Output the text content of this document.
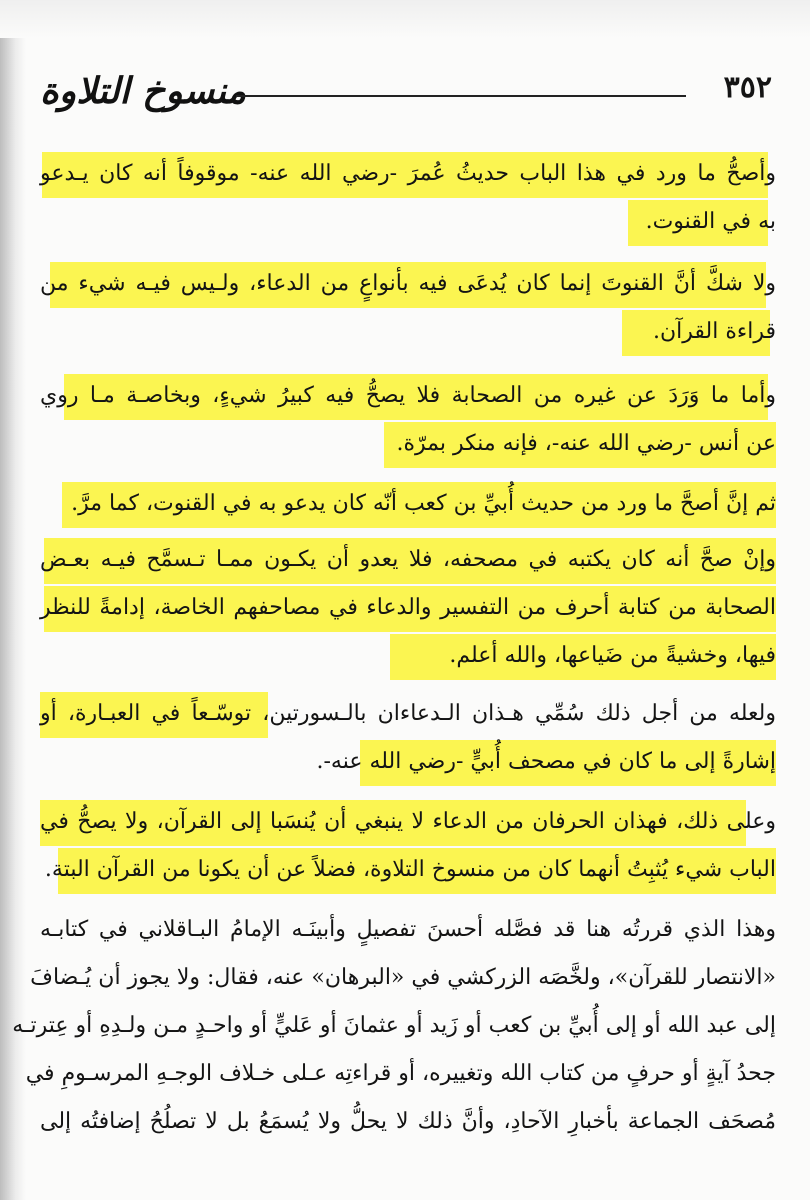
منسوخ التلاوة	٣٥٢
وأصحُّ ما ورد في هذا الباب حديثُ عُمرَ -رضي الله عنه- موقوفاً أنه كان يـدعو
به في القنوت.
ولا شكَّ أنَّ القنوتَ إنما كان يُدعَى فيه بأنواعٍ من الدعاء، ولـيس فيـه شيء من
قراءة القرآن.
وأما ما وَرَدَ عن غيره من الصحابة فلا يصحُّ فيه كبيرُ شيءٍ، وبخاصـة مـا روي
عن أنس -رضي الله عنه-، فإنه منكر بمرّة.
ثم إنَّ أصحَّ ما ورد من حديث أُبيِّ بن كعب أنّه كان يدعو به في القنوت، كما مرَّ.
وإنْ صحَّ أنه كان يكتبه في مصحفه، فلا يعدو أن يكـون ممـا تـسمَّح فيـه بعـض
الصحابة من كتابة أحرف من التفسير والدعاء في مصاحفهم الخاصة، إدامةً للنظر
فيها، وخشيةً من ضَياعها، والله أعلم.
ولعله من أجل ذلك سُمِّي هـذان الـدعاءان بالـسورتين، توسّـعاً في العبـارة، أو
إشارةً إلى ما كان في مصحف أُبيٍّ -رضي الله عنه-.
وعلى ذلك، فهذان الحرفان من الدعاء لا ينبغي أن يُنسَبا إلى القرآن، ولا يصحُّ في
الباب شيء يُثبِتُ أنهما كان من منسوخ التلاوة، فضلاً عن أن يكونا من القرآن البتة.
وهذا الذي قررتُه هنا قد فصَّله أحسنَ تفصيلٍ وأبينَـه الإمامُ البـاقلاني في كتابـه
«الانتصار للقرآن»، ولخَّصَه الزركشي في «البرهان» عنه، فقال: ولا يجوز أن يُـضافَ
إلى عبد الله أو إلى أُبيِّ بن كعب أو زَيد أو عثمانَ أو عَليٍّ أو واحـدٍ مـن ولـدِهِ أو عِترتـه
جحدُ آيةٍ أو حرفٍ من كتاب الله وتغييره، أو قراءتِه عـلى خـلاف الوجـهِ المرسـومِ في
مُصحَف الجماعة بأخبارِ الآحادِ، وأنَّ ذلك لا يحلُّ ولا يُسمَعُ بل لا تصلُحُ إضافتُه إلى
